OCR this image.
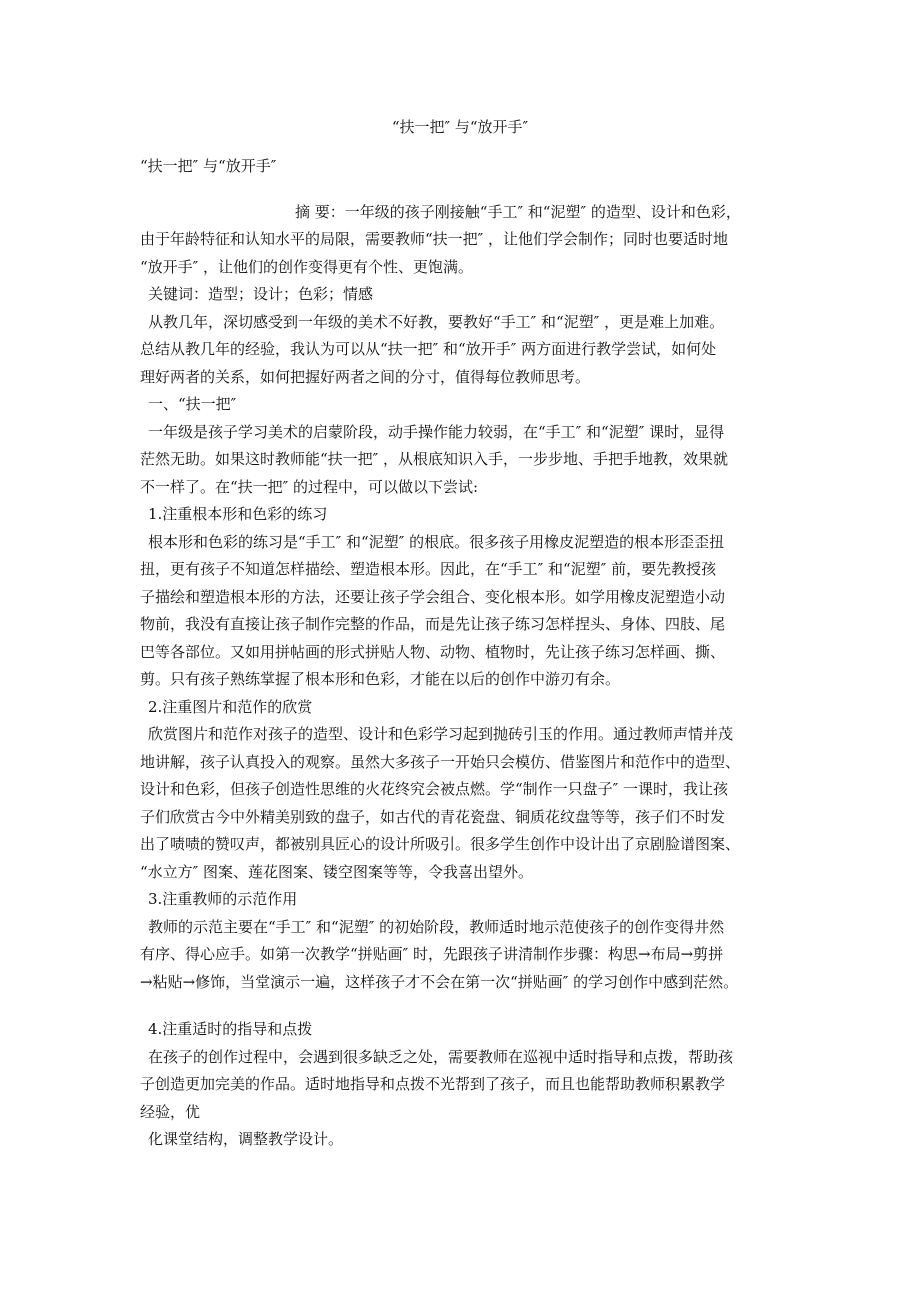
“扶一把″ 与“放开手″
“扶一把″ 与“放开手″
摘 要：一年级的孩子刚接触“手工″ 和“泥塑″ 的造型、设计和色彩，
由于年龄特征和认知水平的局限，需要教师“扶一把″ ，让他们学会制作；同时也要适时地
“放开手″ ，让他们的创作变得更有个性、更饱满。
关键词：造型；设计；色彩；情感
从教几年，深切感受到一年级的美术不好教，要教好“手工″ 和“泥塑″ ，更是难上加难。
总结从教几年的经验，我认为可以从“扶一把″ 和“放开手″ 两方面进行教学尝试，如何处
理好两者的关系，如何把握好两者之间的分寸，值得每位教师思考。
一、“扶一把″
一年级是孩子学习美术的启蒙阶段，动手操作能力较弱，在“手工″ 和“泥塑″ 课时，显得
茫然无助。如果这时教师能“扶一把″ ，从根底知识入手，一步步地、手把手地教，效果就
不一样了。在“扶一把″ 的过程中，可以做以下尝试:
1.注重根本形和色彩的练习
根本形和色彩的练习是“手工″ 和“泥塑″ 的根底。很多孩子用橡皮泥塑造的根本形歪歪扭
扭，更有孩子不知道怎样描绘、塑造根本形。因此，在“手工″ 和“泥塑″ 前，要先教授孩
子描绘和塑造根本形的方法，还要让孩子学会组合、变化根本形。如学用橡皮泥塑造小动
物前，我没有直接让孩子制作完整的作品，而是先让孩子练习怎样捏头、身体、四肢、尾
巴等各部位。又如用拼帖画的形式拼贴人物、动物、植物时，先让孩子练习怎样画、撕、
剪。只有孩子熟练掌握了根本形和色彩，才能在以后的创作中游刃有余。
2.注重图片和范作的欣赏
欣赏图片和范作对孩子的造型、设计和色彩学习起到抛砖引玉的作用。通过教师声情并茂
地讲解，孩子认真投入的观察。虽然大多孩子一开始只会模仿、借鉴图片和范作中的造型、
设计和色彩，但孩子创造性思维的火花终究会被点燃。学“制作一只盘子″ 一课时，我让孩
子们欣赏古今中外精美别致的盘子，如古代的青花瓷盘、铜质花纹盘等等，孩子们不时发
出了啧啧的赞叹声，都被别具匠心的设计所吸引。很多学生创作中设计出了京剧脸谱图案、
“水立方″ 图案、莲花图案、镂空图案等等，令我喜出望外。
3.注重教师的示范作用
教师的示范主要在“手工″ 和“泥塑″ 的初始阶段，教师适时地示范使孩子的创作变得井然
有序、得心应手。如第一次教学“拼贴画″ 时，先跟孩子讲清制作步骤：构思→布局→剪拼
→粘贴→修饰，当堂演示一遍，这样孩子才不会在第一次“拼贴画″ 的学习创作中感到茫然。
4.注重适时的指导和点拨
在孩子的创作过程中，会遇到很多缺乏之处，需要教师在巡视中适时指导和点拨，帮助孩
子创造更加完美的作品。适时地指导和点拨不光帮到了孩子，而且也能帮助教师积累教学
经验，优
化课堂结构，调整教学设计。
